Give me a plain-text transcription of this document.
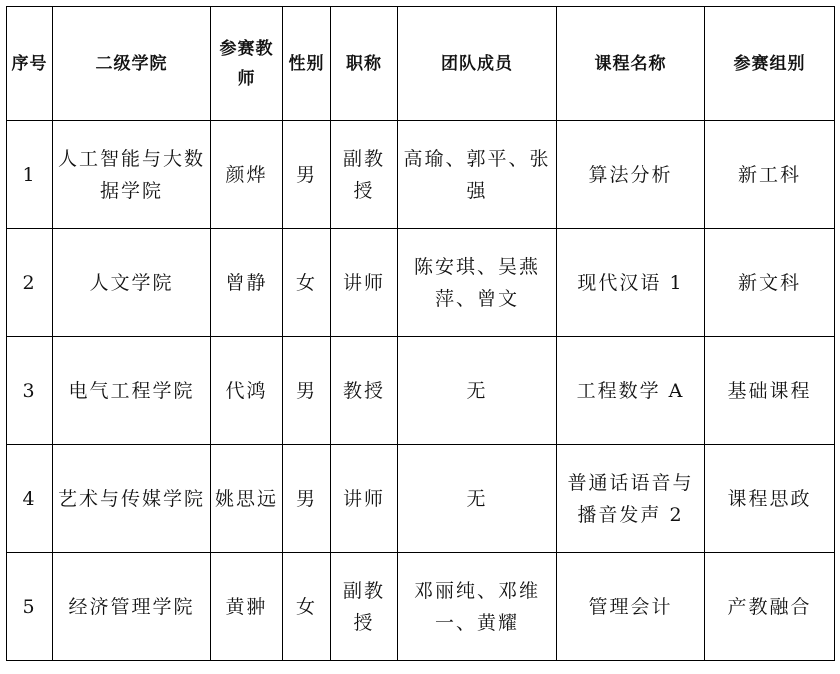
序号	二级学院	参赛教师	性别	职称	团队成员	课程名称	参赛组别
1	人工智能与大数据学院	颜烨	男	副教授	高瑜、郭平、张强	算法分析	新工科
2	人文学院	曾静	女	讲师	陈安琪、吴燕萍、曾文	现代汉语 1	新文科
3	电气工程学院	代鸿	男	教授	无	工程数学 A	基础课程
4	艺术与传媒学院	姚思远	男	讲师	无	普通话语音与播音发声 2	课程思政
5	经济管理学院	黄翀	女	副教授	邓丽纯、邓维一、黄耀	管理会计	产教融合
